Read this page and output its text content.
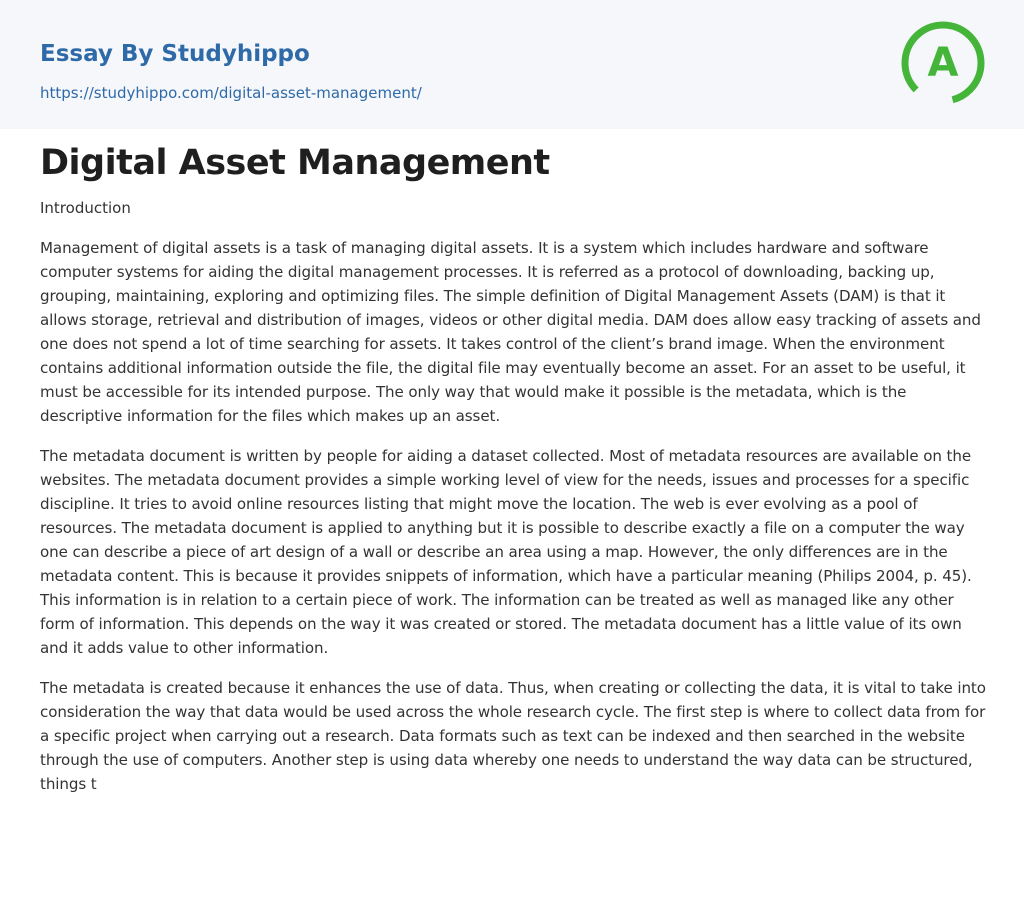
Essay By Studyhippo
https://studyhippo.com/digital-asset-management/
A
Digital Asset Management
Introduction

Management of digital assets is a task of managing digital assets. It is a system which includes hardware and software computer systems for aiding the digital management processes. It is referred as a protocol of downloading, backing up, grouping, maintaining, exploring and optimizing files. The simple definition of Digital Management Assets (DAM) is that it allows storage, retrieval and distribution of images, videos or other digital media. DAM does allow easy tracking of assets and one does not spend a lot of time searching for assets. It takes control of the client’s brand image. When the environment contains additional information outside the file, the digital file may eventually become an asset. For an asset to be useful, it must be accessible for its intended purpose. The only way that would make it possible is the metadata, which is the descriptive information for the files which makes up an asset.

The metadata document is written by people for aiding a dataset collected. Most of metadata resources are available on the websites. The metadata document provides a simple working level of view for the needs, issues and processes for a specific discipline. It tries to avoid online resources listing that might move the location. The web is ever evolving as a pool of resources. The metadata document is applied to anything but it is possible to describe exactly a file on a computer the way one can describe a piece of art design of a wall or describe an area using a map. However, the only differences are in the metadata content. This is because it provides snippets of information, which have a particular meaning (Philips 2004, p. 45). This information is in relation to a certain piece of work. The information can be treated as well as managed like any other form of information. This depends on the way it was created or stored. The metadata document has a little value of its own and it adds value to other information.

The metadata is created because it enhances the use of data. Thus, when creating or collecting the data, it is vital to take into consideration the way that data would be used across the whole research cycle. The first step is where to collect data from for a specific project when carrying out a research. Data formats such as text can be indexed and then searched in the website through the use of computers. Another step is using data whereby one needs to understand the way data can be structured, things t
